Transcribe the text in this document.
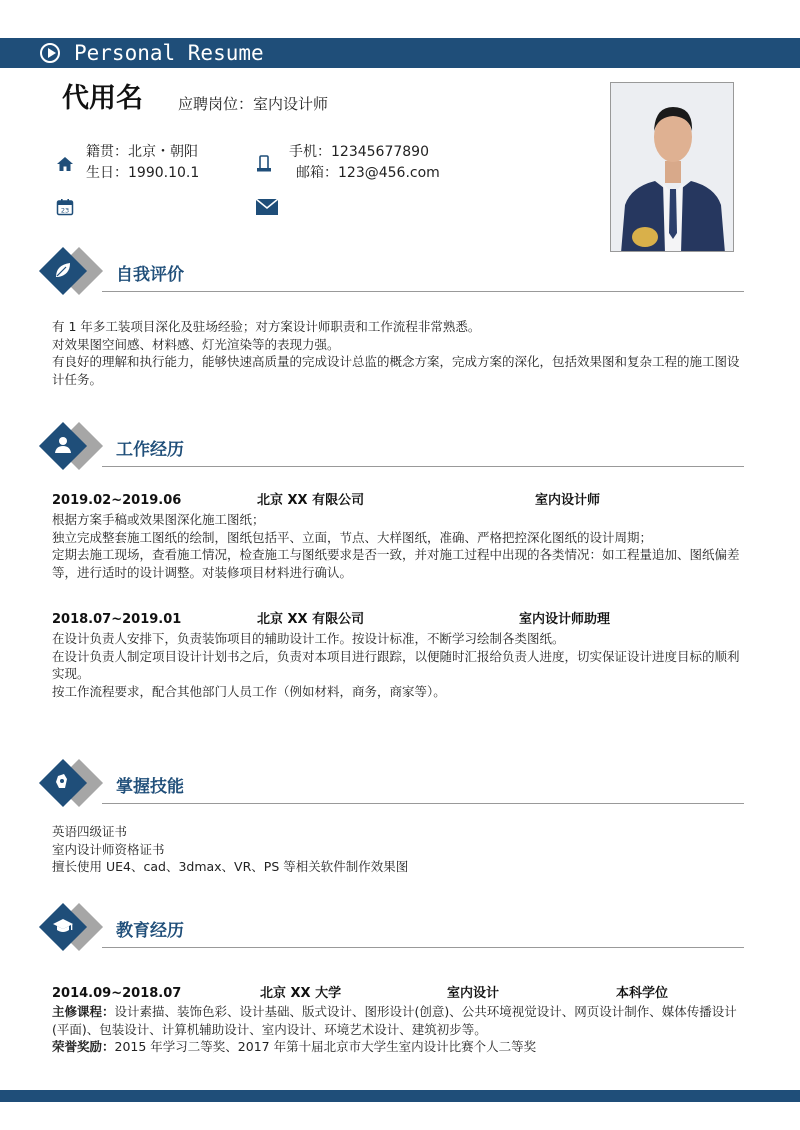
Personal Resume
代用名 应聘岗位：室内设计师
籍贯：北京・朝阳
生日：1990.10.1
23
手机：12345677890
邮箱：123@456.com
自我评价
有 1 年多工装项目深化及驻场经验；对方案设计师职责和工作流程非常熟悉。
对效果图空间感、材料感、灯光渲染等的表现力强。
有良好的理解和执行能力，能够快速高质量的完成设计总监的概念方案，完成方案的深化，包括效果图和复杂工程的施工图设计任务。
工作经历
2019.02~2019.06	北京 XX 有限公司	室内设计师
根据方案手稿或效果图深化施工图纸；
独立完成整套施工图纸的绘制，图纸包括平、立面，节点、大样图纸，准确、严格把控深化图纸的设计周期；
定期去施工现场，查看施工情况，检查施工与图纸要求是否一致，并对施工过程中出现的各类情况：如工程量追加、图纸偏差等，进行适时的设计调整。对装修项目材料进行确认。
2018.07~2019.01	北京 XX 有限公司	室内设计师助理
在设计负责人安排下，负责装饰项目的辅助设计工作。按设计标准，不断学习绘制各类图纸。
在设计负责人制定项目设计计划书之后，负责对本项目进行跟踪，以便随时汇报给负责人进度，切实保证设计进度目标的顺利实现。
按工作流程要求，配合其他部门人员工作（例如材料，商务，商家等）。
掌握技能
英语四级证书
室内设计师资格证书
擅长使用 UE4、cad、3dmax、VR、PS 等相关软件制作效果图
教育经历
2014.09~2018.07	北京 XX 大学	室内设计	本科学位
主修课程：设计素描、装饰色彩、设计基础、版式设计、图形设计(创意)、公共环境视觉设计、网页设计制作、媒体传播设计(平面)、包装设计、计算机辅助设计、室内设计、环境艺术设计、建筑初步等。
荣誉奖励：2015 年学习二等奖、2017 年第十届北京市大学生室内设计比赛个人二等奖
